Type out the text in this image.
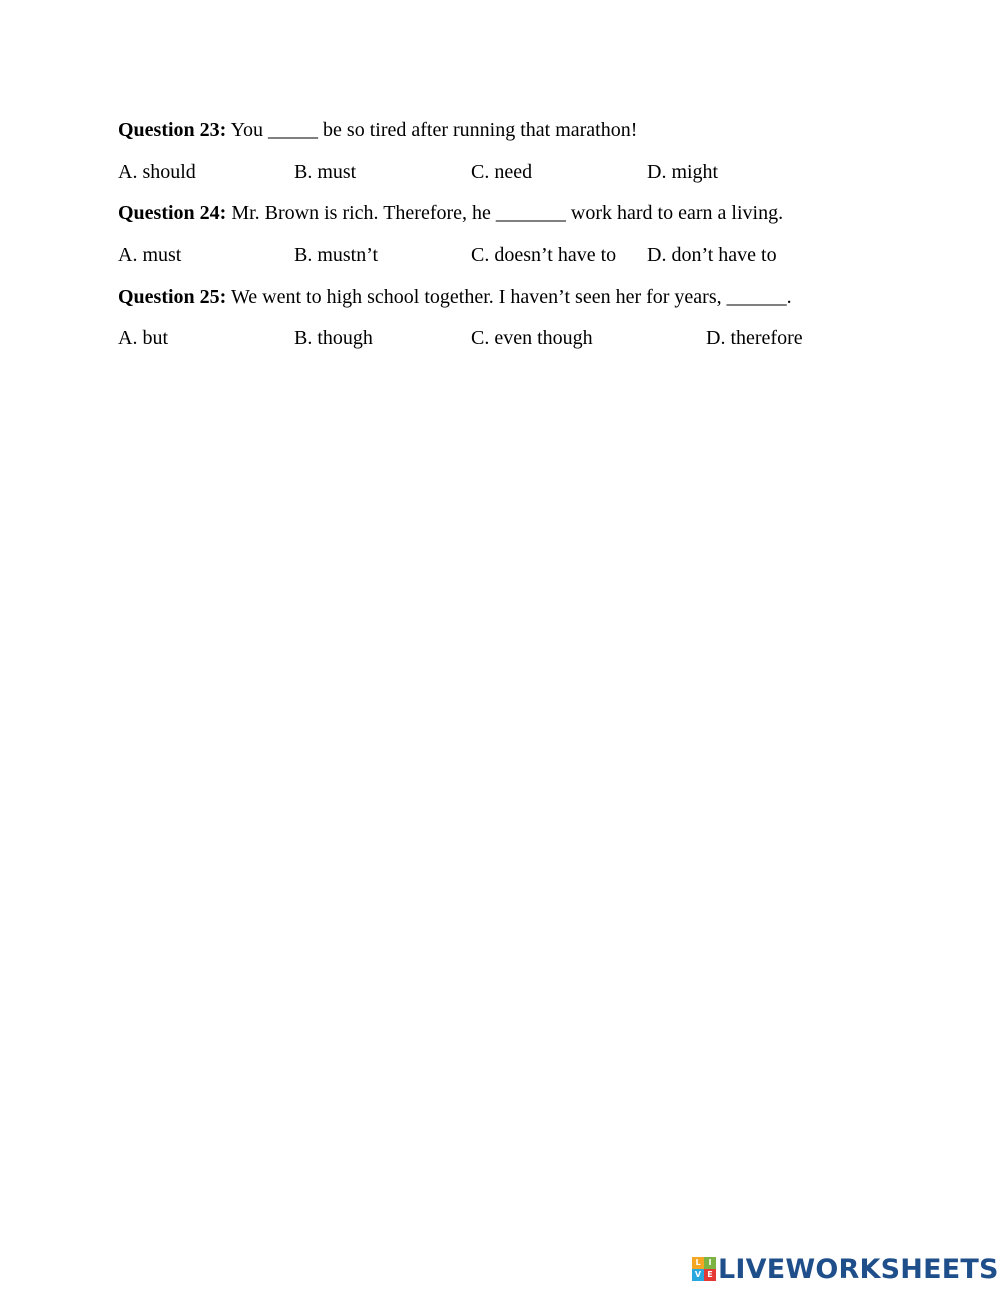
Question 23: You _____ be so tired after running that marathon!
A. should	B. must	C. need	D. might
Question 24: Mr. Brown is rich. Therefore, he _______ work hard to earn a living.
A. must	B. mustn’t	C. doesn’t have to D. don’t have to
Question 25: We went to high school together. I haven’t seen her for years, ______.
A. but	B. though	C. even though	D. therefore
L I
V E LIVEWORKSHEETS
